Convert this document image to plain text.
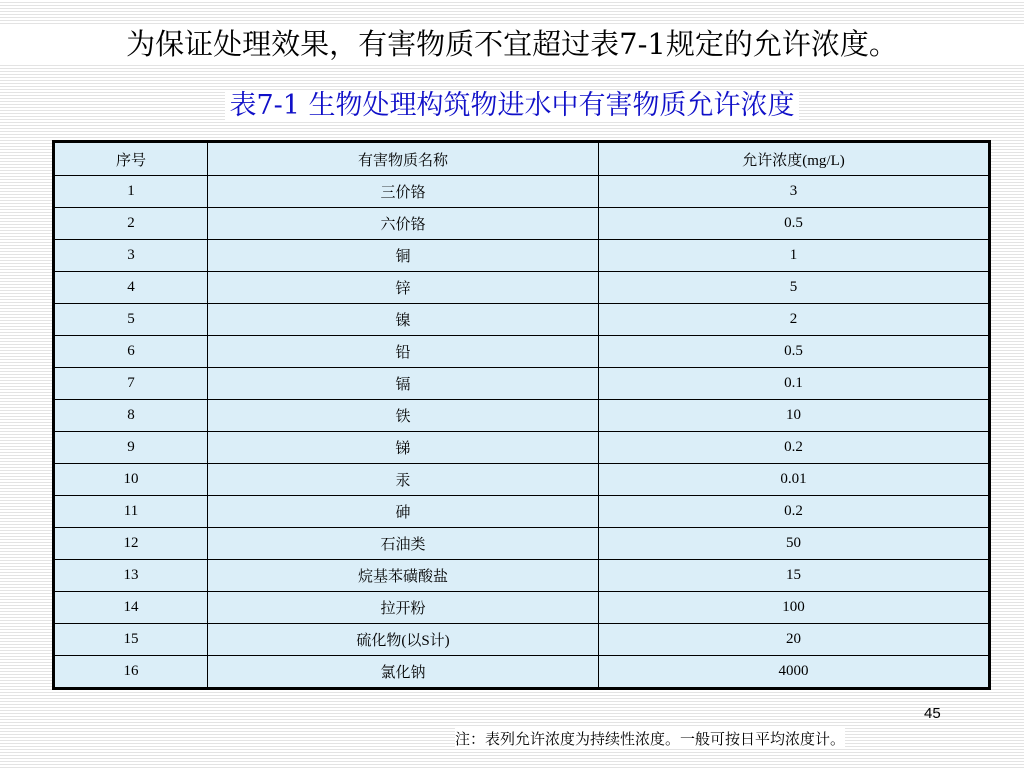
为保证处理效果，有害物质不宜超过表7-1规定的允许浓度。
表7-1 生物处理构筑物进水中有害物质允许浓度
序号	有害物质名称	允许浓度(mg/L)
1	三价铬	3
2	六价铬	0.5
3	铜	1
4	锌	5
5	镍	2
6	铅	0.5
7	镉	0.1
8	铁	10
9	锑	0.2
10	汞	0.01
11	砷	0.2
12	石油类	50
13	烷基苯磺酸盐	15
14	拉开粉	100
15	硫化物(以S计)	20
16	氯化钠	4000
45
注：表列允许浓度为持续性浓度。一般可按日平均浓度计。
